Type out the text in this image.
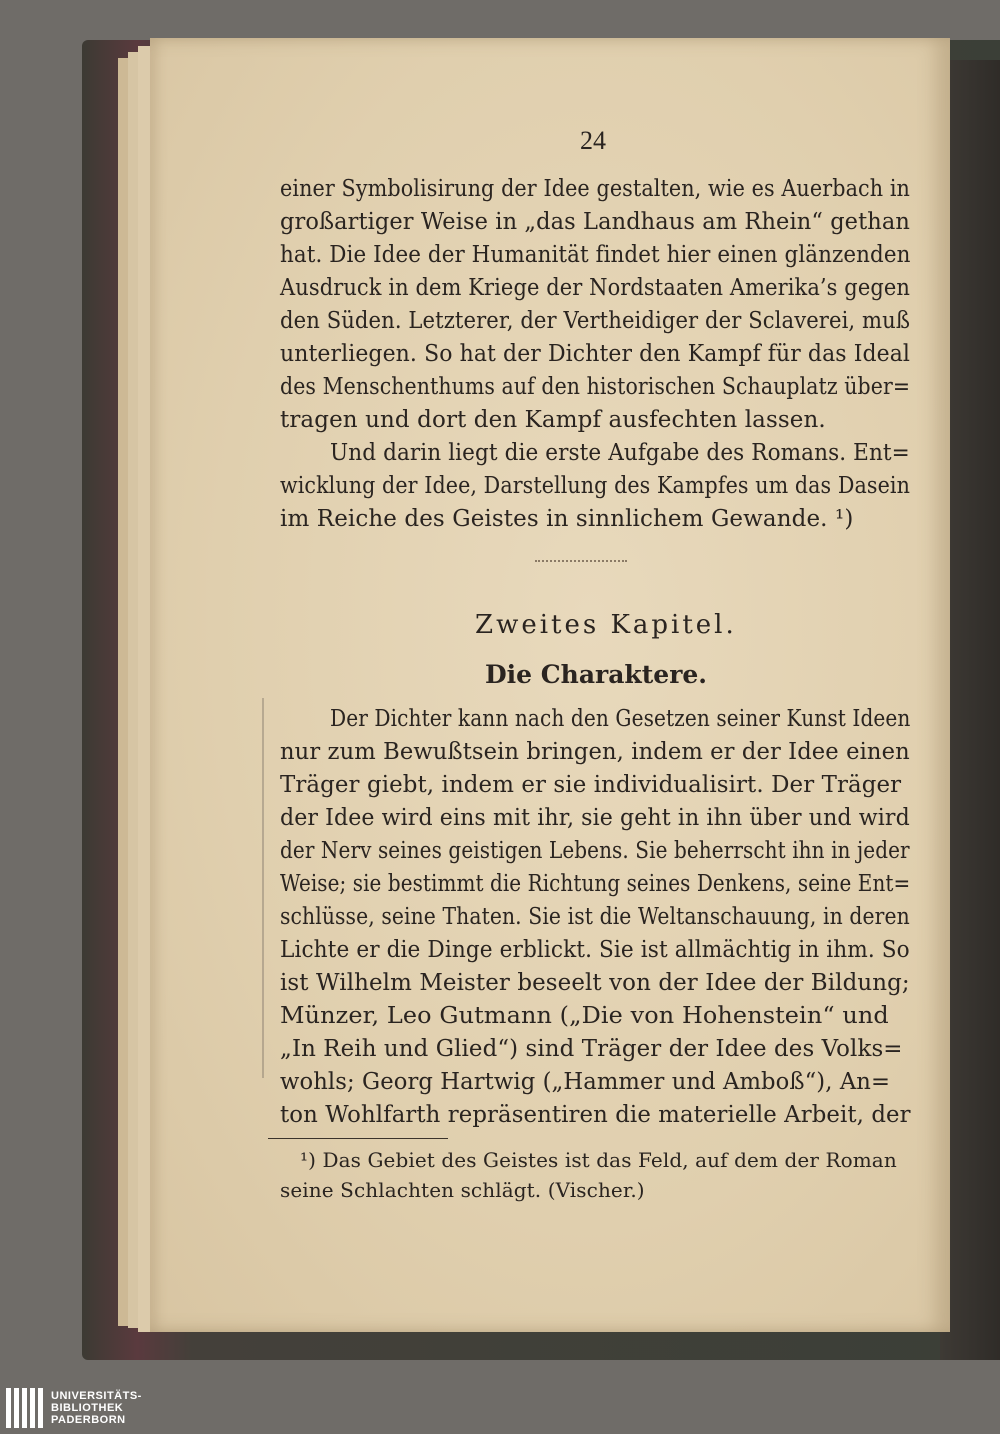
24
einer Symbolisirung der Idee gestalten, wie es Auerbach in
großartiger Weise in „das Landhaus am Rhein“ gethan
hat. Die Idee der Humanität findet hier einen glänzenden
Ausdruck in dem Kriege der Nordstaaten Amerika’s gegen
den Süden. Letzterer, der Vertheidiger der Sclaverei, muß
unterliegen. So hat der Dichter den Kampf für das Ideal
des Menschenthums auf den historischen Schauplatz über=
tragen und dort den Kampf ausfechten lassen.
Und darin liegt die erste Aufgabe des Romans. Ent=
wicklung der Idee, Darstellung des Kampfes um das Dasein
im Reiche des Geistes in sinnlichem Gewande. ¹)
Zweites Kapitel.
Die Charaktere.
Der Dichter kann nach den Gesetzen seiner Kunst Ideen
nur zum Bewußtsein bringen, indem er der Idee einen
Träger giebt, indem er sie individualisirt. Der Träger
der Idee wird eins mit ihr, sie geht in ihn über und wird
der Nerv seines geistigen Lebens. Sie beherrscht ihn in jeder
Weise; sie bestimmt die Richtung seines Denkens, seine Ent=
schlüsse, seine Thaten. Sie ist die Weltanschauung, in deren
Lichte er die Dinge erblickt. Sie ist allmächtig in ihm. So
ist Wilhelm Meister beseelt von der Idee der Bildung;
Münzer, Leo Gutmann („Die von Hohenstein“ und
„In Reih und Glied“) sind Träger der Idee des Volks=
wohls; Georg Hartwig („Hammer und Amboß“), An=
ton Wohlfarth repräsentiren die materielle Arbeit, der
¹) Das Gebiet des Geistes ist das Feld, auf dem der Roman
seine Schlachten schlägt. (Vischer.)
UNIVERSITÄTS-
BIBLIOTHEK
PADERBORN
